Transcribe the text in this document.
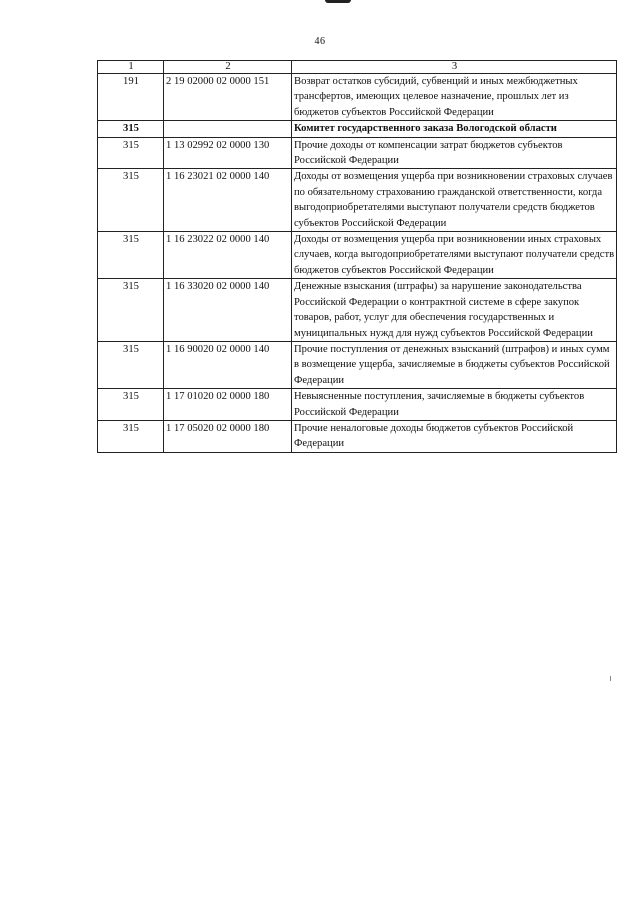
46
1	2	3
191	2 19 02000 02 0000 151	Возврат остатков субсидий, субвенций и иных межбюджетных трансфертов, имеющих целевое назначение, прошлых лет из бюджетов субъектов Российской Федерации
315		Комитет государственного заказа Вологодской области
315	1 13 02992 02 0000 130	Прочие доходы от компенсации затрат бюджетов субъектов Российской Федерации
315	1 16 23021 02 0000 140	Доходы от возмещения ущерба при возникновении страховых случаев по обязательному страхованию гражданской ответственности, когда выгодоприобретателями выступают получатели средств бюджетов субъектов Российской Федерации
315	1 16 23022 02 0000 140	Доходы от возмещения ущерба при возникновении иных страховых случаев, когда выгодоприобретателями выступают получатели средств бюджетов субъектов Российской Федерации
315	1 16 33020 02 0000 140	Денежные взыскания (штрафы) за нарушение законодательства Российской Федерации о контрактной системе в сфере закупок товаров, работ, услуг для обеспечения государственных и муниципальных нужд для нужд субъектов Российской Федерации
315	1 16 90020 02 0000 140	Прочие поступления от денежных взысканий (штрафов) и иных сумм в возмещение ущерба, зачисляемые в бюджеты субъектов Российской Федерации
315	1 17 01020 02 0000 180	Невыясненные поступления, зачисляемые в бюджеты субъектов Российской Федерации
315	1 17 05020 02 0000 180	Прочие неналоговые доходы бюджетов субъектов Российской Федерации
